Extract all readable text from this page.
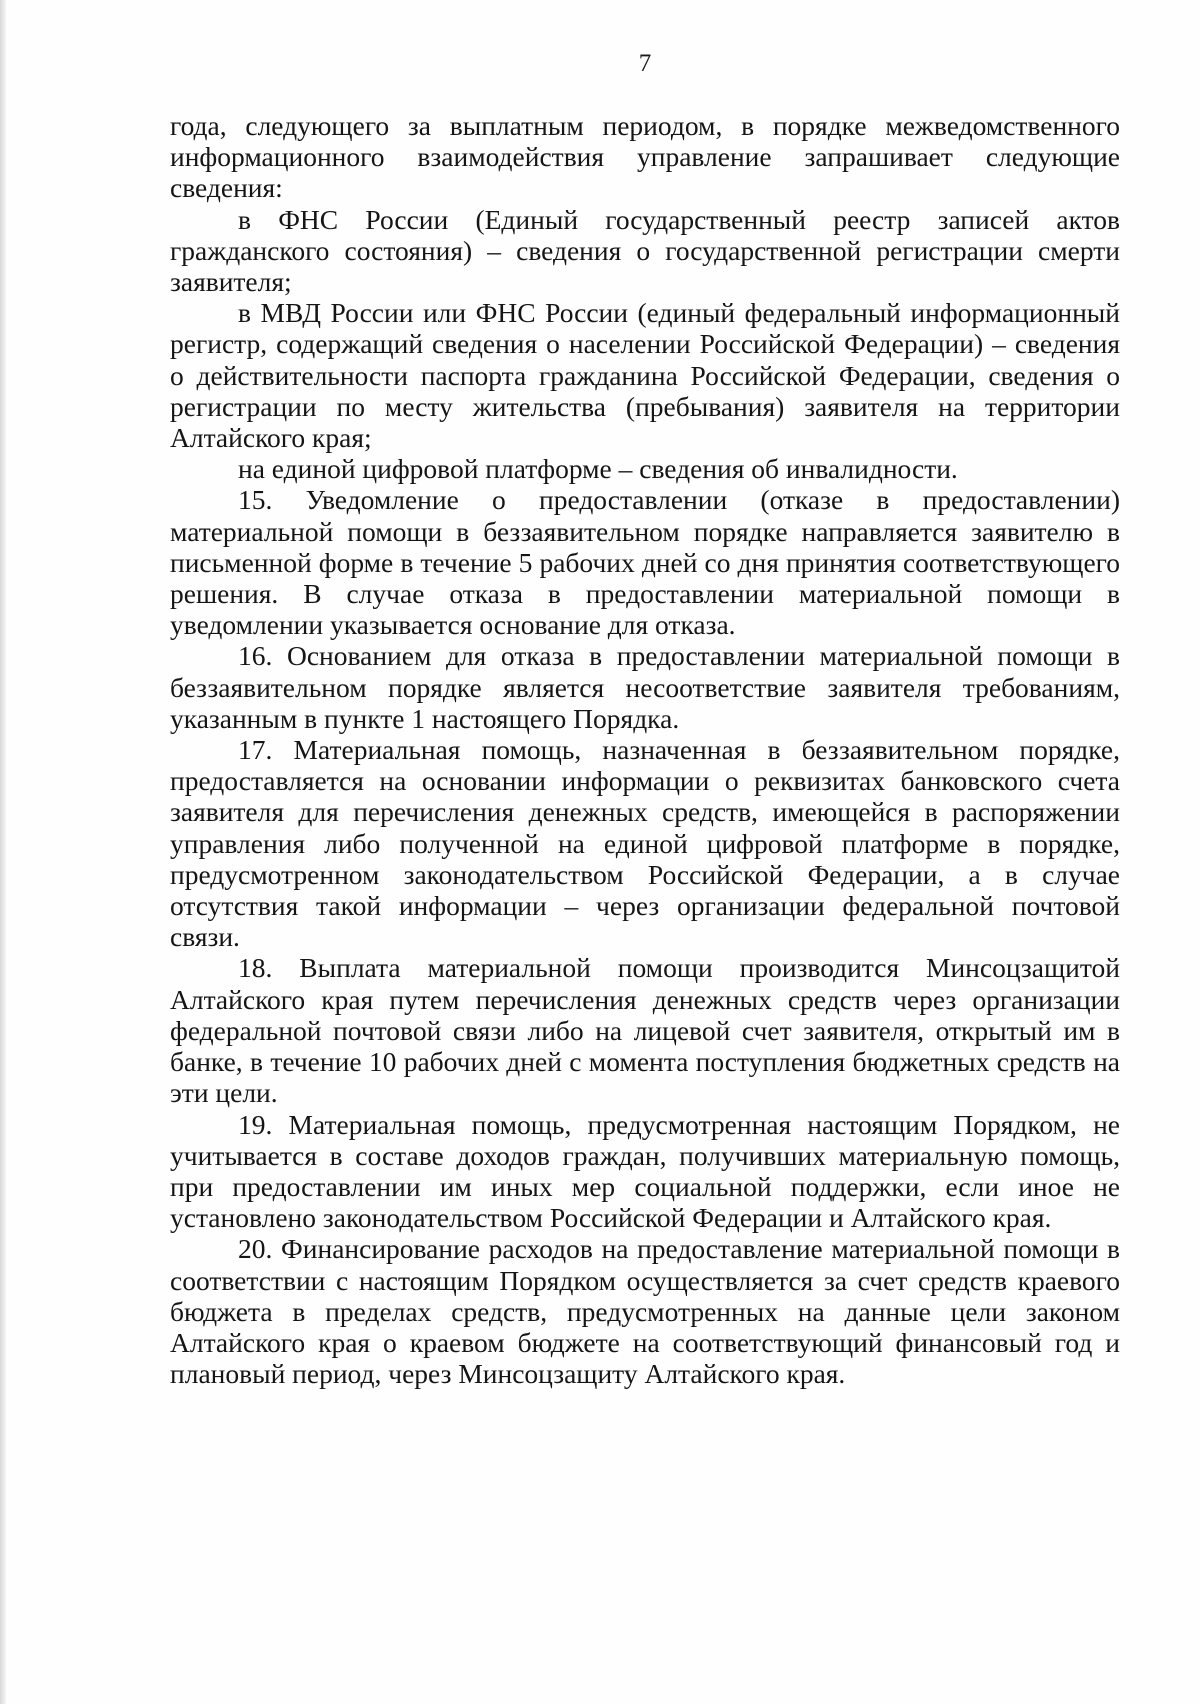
7

года, следующего за выплатным периодом, в порядке межведомственного информационного взаимодействия управление запрашивает следующие сведения:

в ФНС России (Единый государственный реестр записей актов гражданского состояния) – сведения о государственной регистрации смерти заявителя;

в МВД России или ФНС России (единый федеральный информационный регистр, содержащий сведения о населении Российской Федерации) – сведения о действительности паспорта гражданина Российской Федерации, сведения о регистрации по месту жительства (пребывания) заявителя на территории Алтайского края;

на единой цифровой платформе – сведения об инвалидности.

15. Уведомление о предоставлении (отказе в предоставлении) материальной помощи в беззаявительном порядке направляется заявителю в письменной форме в течение 5 рабочих дней со дня принятия соответствующего решения. В случае отказа в предоставлении материальной помощи в уведомлении указывается основание для отказа.

16. Основанием для отказа в предоставлении материальной помощи в беззаявительном порядке является несоответствие заявителя требованиям, указанным в пункте 1 настоящего Порядка.

17. Материальная помощь, назначенная в беззаявительном порядке, предоставляется на основании информации о реквизитах банковского счета заявителя для перечисления денежных средств, имеющейся в распоряжении управления либо полученной на единой цифровой платформе в порядке, предусмотренном законодательством Российской Федерации, а в случае отсутствия такой информации – через организации федеральной почтовой связи.

18. Выплата материальной помощи производится Минсоцзащитой Алтайского края путем перечисления денежных средств через организации федеральной почтовой связи либо на лицевой счет заявителя, открытый им в банке, в течение 10 рабочих дней с момента поступления бюджетных средств на эти цели.

19. Материальная помощь, предусмотренная настоящим Порядком, не учитывается в составе доходов граждан, получивших материальную помощь, при предоставлении им иных мер социальной поддержки, если иное не установлено законодательством Российской Федерации и Алтайского края.

20. Финансирование расходов на предоставление материальной помощи в соответствии с настоящим Порядком осуществляется за счет средств краевого бюджета в пределах средств, предусмотренных на данные цели законом Алтайского края о краевом бюджете на соответствующий финансовый год и плановый период, через Минсоцзащиту Алтайского края.
